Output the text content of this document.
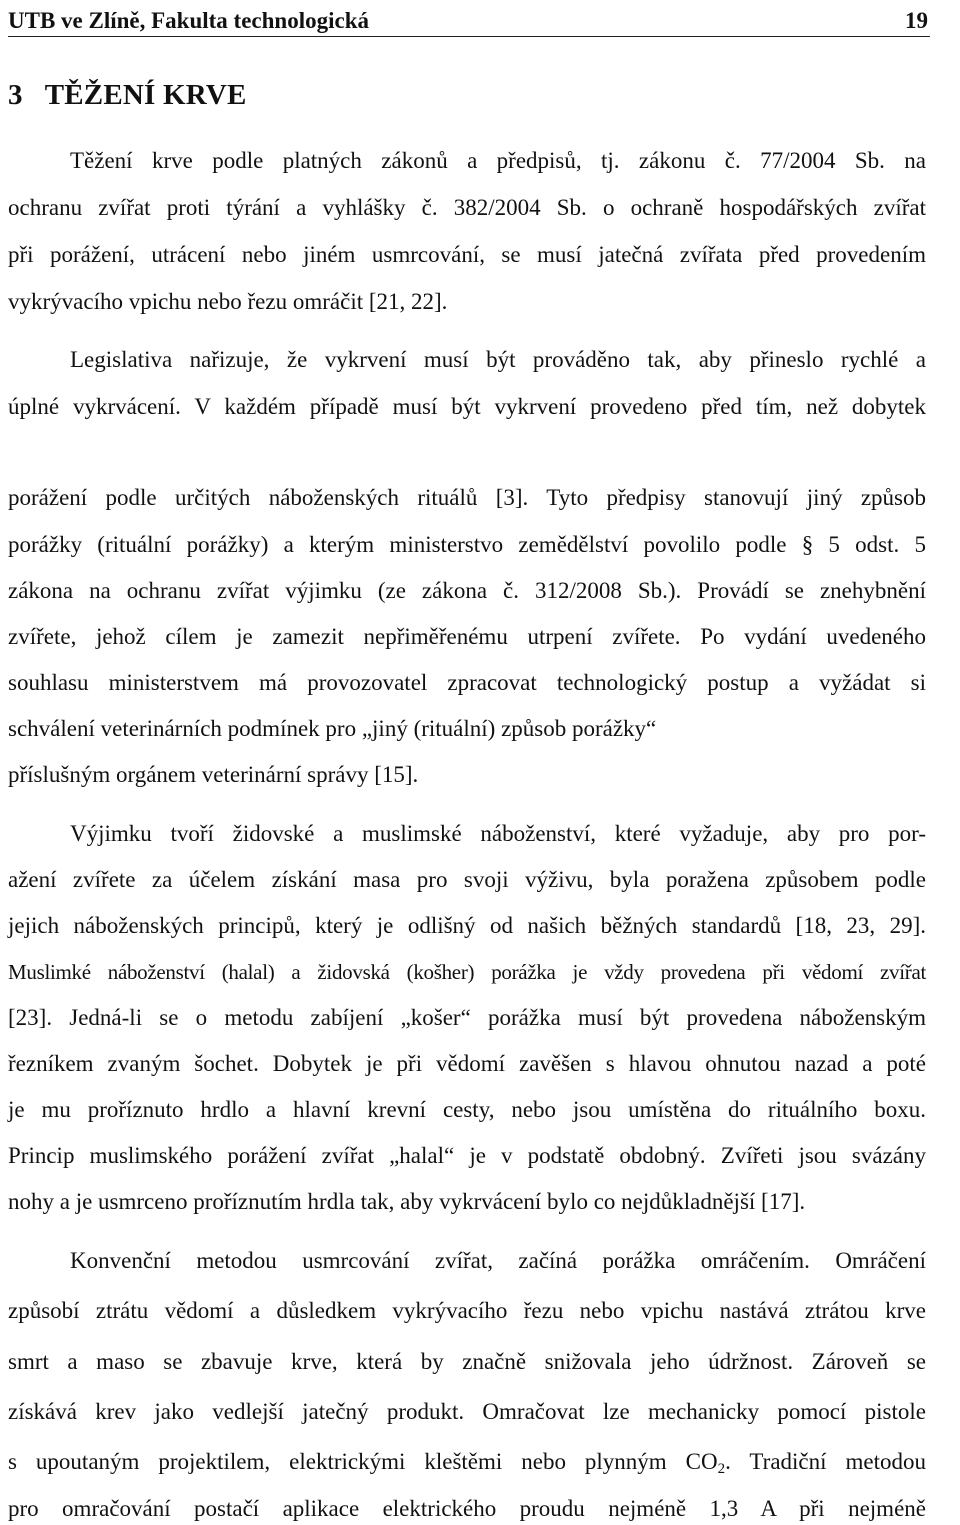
UTB ve Zlíně, Fakulta technologická	19
3 TĚŽENÍ KRVE
Těžení krve podle platných zákonů a předpisů, tj. zákonu č. 77/2004 Sb. na
ochranu zvířat proti týrání a vyhlášky č. 382/2004 Sb. o ochraně hospodářských zvířat
při porážení, utrácení nebo jiném usmrcování, se musí jatečná zvířata před provedením
vykrývacího vpichu nebo řezu omráčit [21, 22].
Legislativa nařizuje, že vykrvení musí být prováděno tak, aby přineslo rychlé a
úplné vykrvácení. V každém případě musí být vykrvení provedeno před tím, než dobytek
porážení podle určitých náboženských rituálů [3]. Tyto předpisy stanovují jiný způsob
porážky (rituální porážky) a kterým ministerstvo zemědělství povolilo podle § 5 odst. 5
zákona na ochranu zvířat výjimku (ze zákona č. 312/2008 Sb.). Provádí se znehybnění
zvířete, jehož cílem je zamezit nepřiměřenému utrpení zvířete. Po vydání uvedeného
souhlasu ministerstvem má provozovatel zpracovat technologický postup a vyžádat si
schválení veterinárních podmínek pro „jiný (rituální) způsob porážky“
příslušným orgánem veterinární správy [15].
Výjimku tvoří židovské a muslimské náboženství, které vyžaduje, aby pro por-
ažení zvířete za účelem získání masa pro svoji výživu, byla poražena způsobem podle
jejich náboženských principů, který je odlišný od našich běžných standardů [18, 23, 29].
Muslimké náboženství (halal) a židovská (košher) porážka je vždy provedena při vědomí zvířat
[23]. Jedná-li se o metodu zabíjení „košer“ porážka musí být provedena náboženským
řezníkem zvaným šochet. Dobytek je při vědomí zavěšen s hlavou ohnutou nazad a poté
je mu proříznuto hrdlo a hlavní krevní cesty, nebo jsou umístěna do rituálního boxu.
Princip muslimského porážení zvířat „halal“ je v podstatě obdobný. Zvířeti jsou svázány
nohy a je usmrceno proříznutím hrdla tak, aby vykrvácení bylo co nejdůkladnější [17].
Konvenční metodou usmrcování zvířat, začíná porážka omráčením. Omráčení
způsobí ztrátu vědomí a důsledkem vykrývacího řezu nebo vpichu nastává ztrátou krve
smrt a maso se zbavuje krve, která by značně snižovala jeho údržnost. Zároveň se
získává krev jako vedlejší jatečný produkt. Omračovat lze mechanicky pomocí pistole
s upoutaným projektilem, elektrickými kleštěmi nebo plynným $CO_2$. Tradiční metodou
pro omračování postačí aplikace elektrického proudu nejméně 1,3 A při nejméně
